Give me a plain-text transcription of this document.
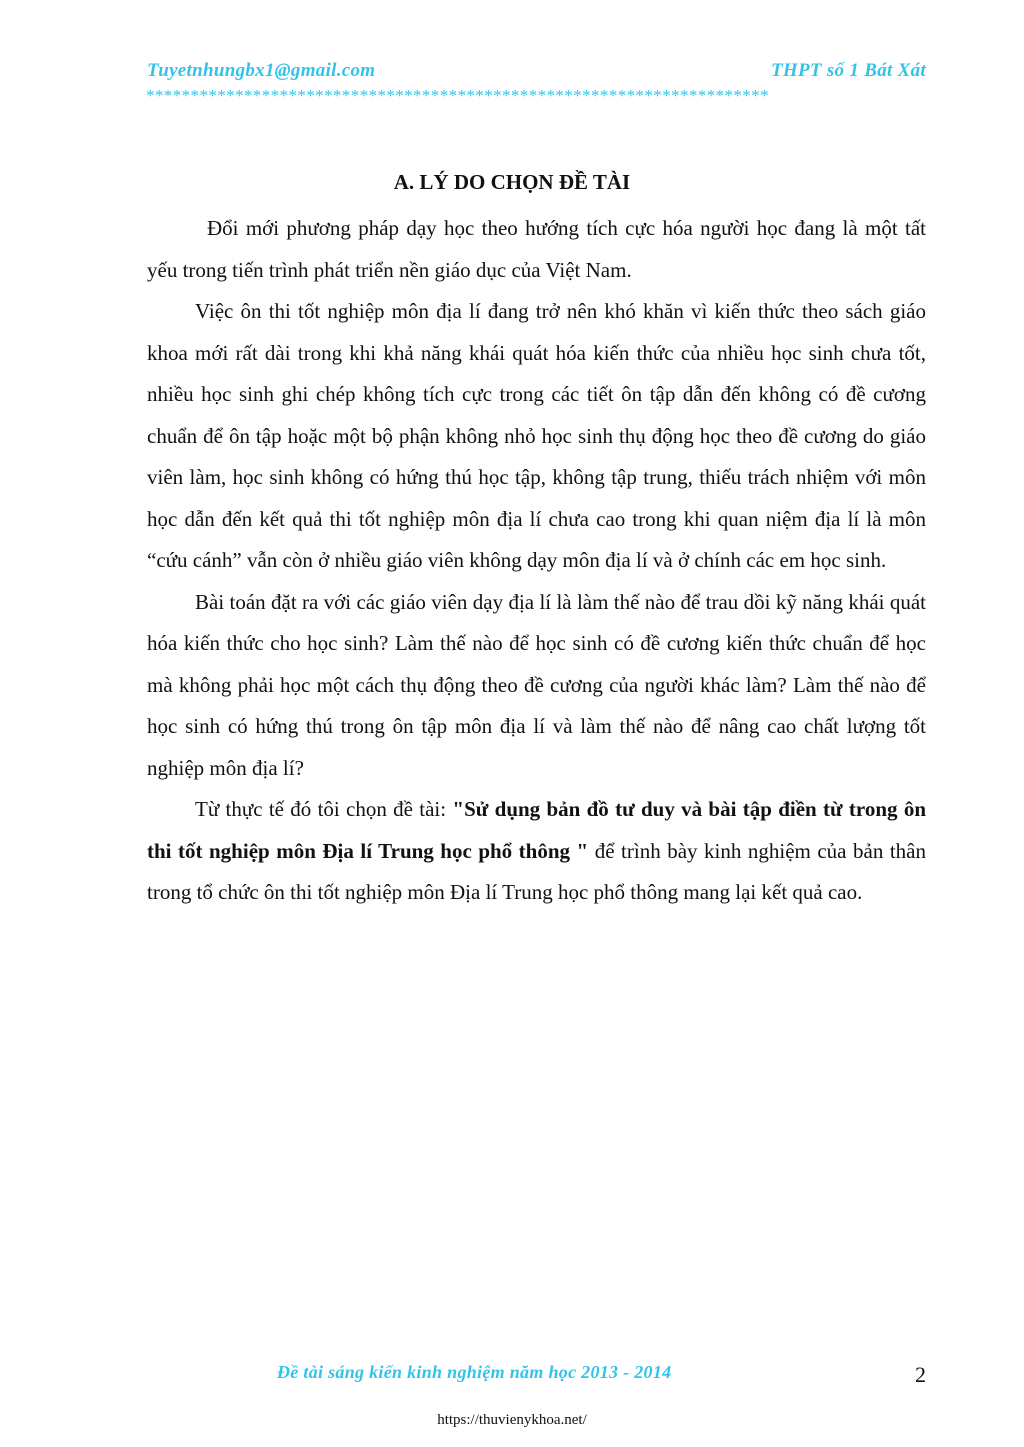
Tuyetnhungbx1@gmail.com	THPT số 1 Bát Xát
**********************************************************************
A. LÝ DO CHỌN ĐỀ TÀI

Đổi mới phương pháp dạy học theo hướng tích cực hóa người học đang là một tất yếu trong tiến trình phát triển nền giáo dục của Việt Nam.

Việc ôn thi tốt nghiệp môn địa lí đang trở nên khó khăn vì kiến thức theo sách giáo khoa mới rất dài trong khi khả năng khái quát hóa kiến thức của nhiều học sinh chưa tốt, nhiều học sinh ghi chép không tích cực trong các tiết ôn tập dẫn đến không có đề cương chuẩn để ôn tập hoặc một bộ phận không nhỏ học sinh thụ động học theo đề cương do giáo viên làm, học sinh không có hứng thú học tập, không tập trung, thiếu trách nhiệm với môn học dẫn đến kết quả thi tốt nghiệp môn địa lí chưa cao trong khi quan niệm địa lí là môn “cứu cánh” vẫn còn ở nhiều giáo viên không dạy môn địa lí và ở chính các em học sinh.

Bài toán đặt ra với các giáo viên dạy địa lí là làm thế nào để trau dồi kỹ năng khái quát hóa kiến thức cho học sinh? Làm thế nào để học sinh có đề cương kiến thức chuẩn để học mà không phải học một cách thụ động theo đề cương của người khác làm? Làm thế nào để học sinh có hứng thú trong ôn tập môn địa lí và làm thế nào để nâng cao chất lượng tốt nghiệp môn địa lí?

Từ thực tế đó tôi chọn đề tài: "Sử dụng bản đồ tư duy và bài tập điền từ trong ôn thi tốt nghiệp môn Địa lí Trung học phổ thông " để trình bày kinh nghiệm của bản thân trong tổ chức ôn thi tốt nghiệp môn Địa lí Trung học phổ thông mang lại kết quả cao.

Đề tài sáng kiến kinh nghiệm năm học 2013 - 2014	2
https://thuvienykhoa.net/
